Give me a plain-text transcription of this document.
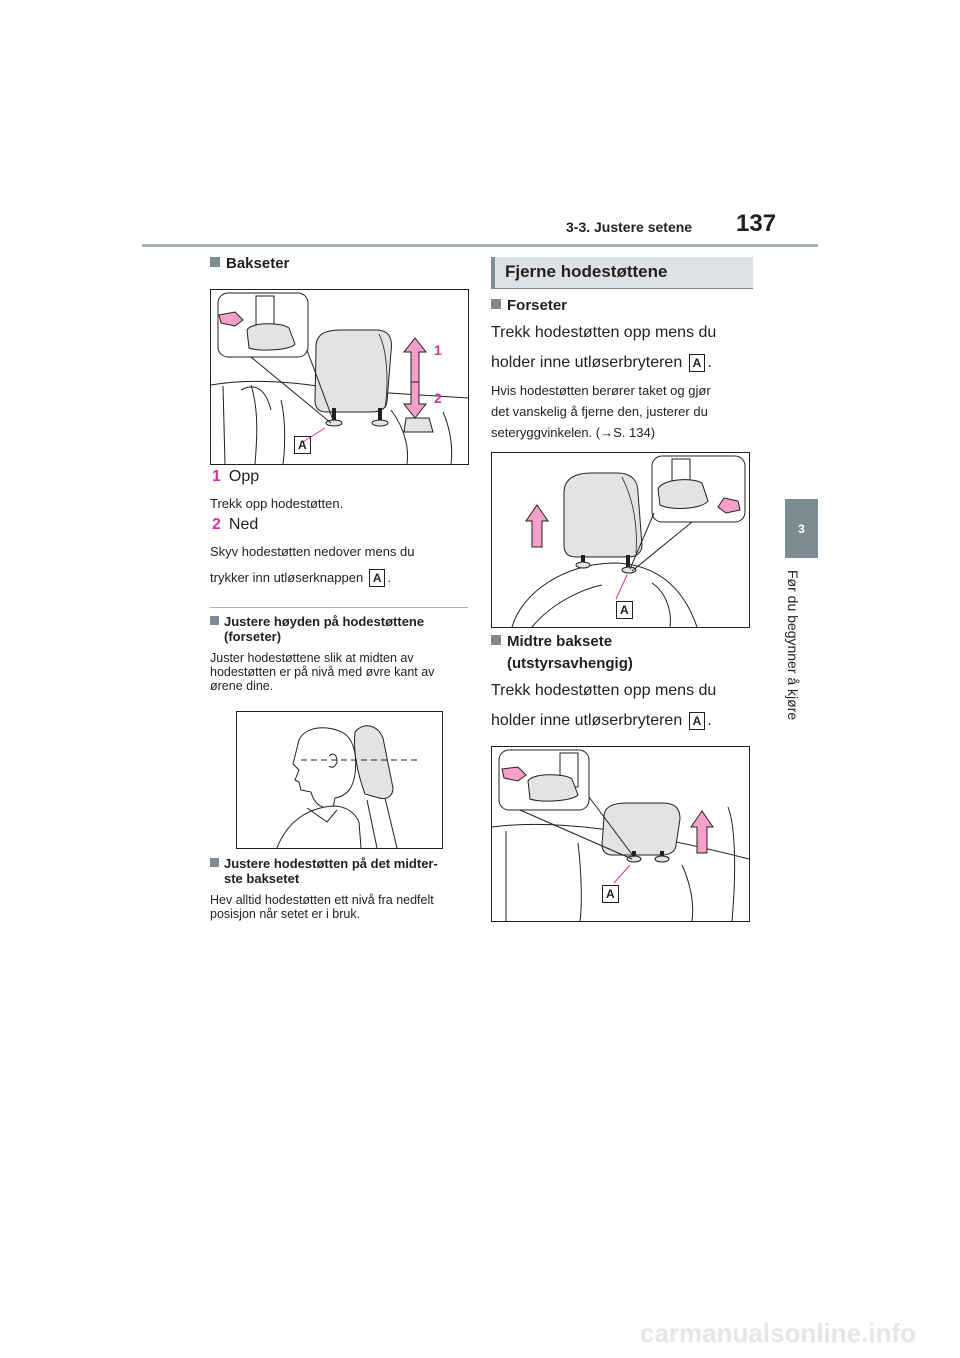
3-3. Justere setene 137
3
Før du begynner å kjøre
Bakseter
1
2
A
1 Opp
Trekk opp hodestøtten.
2 Ned
Skyv hodestøtten nedover mens du
trykker inn utløserknappen A .
Justere høyden på hodestøttene
(forseter)
Juster hodestøttene slik at midten av
hodestøtten er på nivå med øvre kant av
ørene dine.
Justere hodestøtten på det midter-
ste baksetet
Hev alltid hodestøtten ett nivå fra nedfelt
posisjon når setet er i bruk.
Fjerne hodestøttene
Forseter
Trekk hodestøtten opp mens du
holder inne utløserbryteren A .
Hvis hodestøtten berører taket og gjør
det vanskelig å fjerne den, justerer du
seteryggvinkelen. (→S. 134)
A
Midtre baksete
(utstyrsavhengig)
Trekk hodestøtten opp mens du
holder inne utløserbryteren A .
A
carmanualsonline.info
